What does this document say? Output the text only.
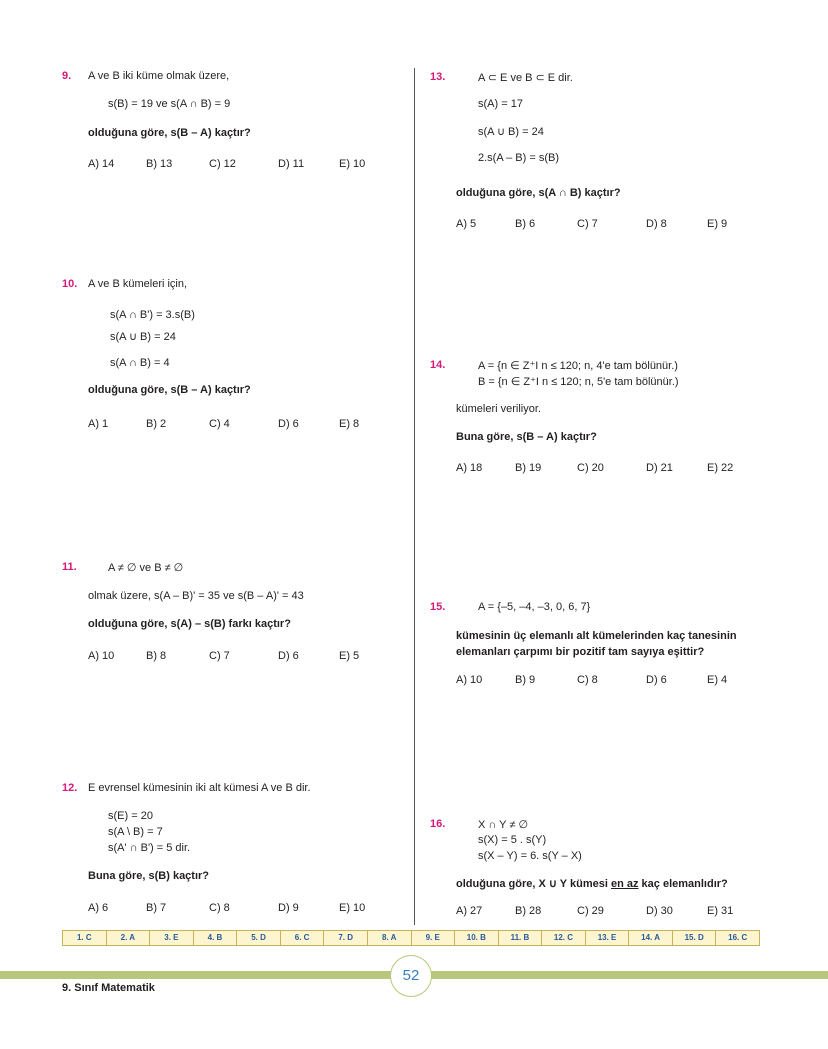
9. A ve B iki küme olmak üzere,
s(B) = 19 ve s(A ∩ B) = 9
olduğuna göre, s(B – A) kaçtır?
A) 14	B) 13	C) 12	D) 11	E) 10
10. A ve B kümeleri için,
s(A ∩ B') = 3.s(B)
s(A ∪ B) = 24
s(A ∩ B) = 4
olduğuna göre, s(B – A) kaçtır?
A) 1	B) 2	C) 4	D) 6	E) 8
11.	A ≠ ∅ ve B ≠ ∅
olmak üzere, s(A – B)' = 35 ve s(B – A)' = 43
olduğuna göre, s(A) – s(B) farkı kaçtır?
A) 10	B) 8	C) 7	D) 6	E) 5
12. E evrensel kümesinin iki alt kümesi A ve B dir.
s(E) = 20
s(A \ B) = 7
s(A' ∩ B') = 5 dir.
Buna göre, s(B) kaçtır?
A) 6	B) 7	C) 8	D) 9	E) 10
13.	A ⊂ E ve B ⊂ E dir.
s(A) = 17
s(A ∪ B) = 24
2.s(A – B) = s(B)
olduğuna göre, s(A ∩ B) kaçtır?
A) 5	B) 6	C) 7	D) 8	E) 9
14.	A = {n ∈ Z⁺I n ≤ 120; n, 4'e tam bölünür.)
B = {n ∈ Z⁺I n ≤ 120; n, 5'e tam bölünür.)
kümeleri veriliyor.
Buna göre, s(B – A) kaçtır?
A) 18	B) 19	C) 20	D) 21	E) 22
15.	A = {–5, –4, –3, 0, 6, 7}
kümesinin üç elemanlı alt kümelerinden kaç tanesinin
elemanları çarpımı bir pozitif tam sayıya eşittir?
A) 10	B) 9	C) 8	D) 6	E) 4
16.	X ∩ Y ≠ ∅
s(X) = 5 . s(Y)
s(X – Y) = 6. s(Y – X)
olduğuna göre, X ∪ Y kümesi en az kaç elemanlıdır?
A) 27	B) 28	C) 29	D) 30	E) 31
1. C	2. A	3. E	4. B	5. D	6. C	7. D	8. A	9. E	10. B	11. B	12. C	13. E	14. A	15. D	16. C
52
9. Sınıf Matematik
